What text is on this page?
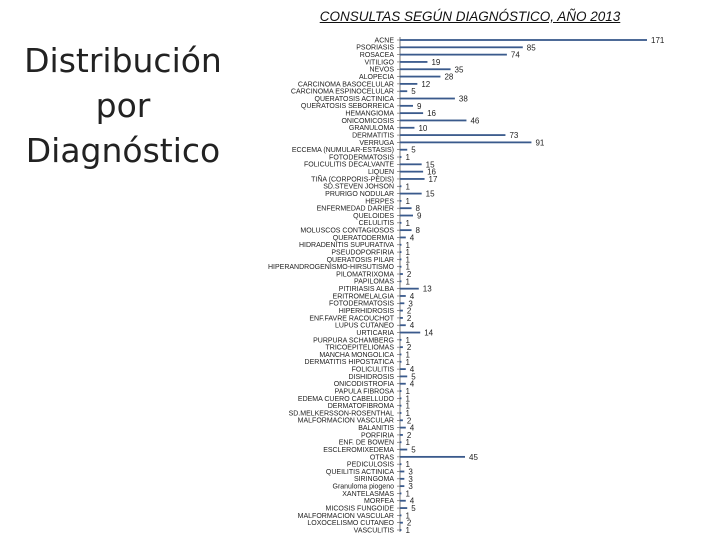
Distribución
por
Diagnóstico
CONSULTAS SEGÚN DIAGNÓSTICO, AÑO 2013
ACNE
PSORIASIS
ROSACEA
VITILIGO
NEVOS
ALOPECIA
CARCINOMA BASOCELULAR
CARCINOMA ESPINOCELULAR
QUERATOSIS ACTINICA
QUERATOSIS SEBORREICA
HEMANGIOMA
ONICOMICOSIS
GRANULOMA
DERMATITIS
VERRUGA
ECCEMA (NUMULAR-ESTASIS)
FOTODERMATOSIS
FOLICULITIS DECALVANTE
LIQUEN
TIÑA (CORPORIS-PEDIS)
SD.STEVEN JOHSON
PRURIGO NODULAR
HERPES
ENFERMEDAD DARIER
QUELOIDES
CELULITIS
MOLUSCOS CONTAGIOSOS
QUERATODERMIA
HIDRADENITIS SUPURATIVA
PSEUDOPORFIRIA
QUERATOSIS PILAR
HIPERANDROGENISMO-HIRSUTISMO
PILOMATRIXOMA
PAPILOMAS
PITIRIASIS ALBA
ERITROMELALGIA
FOTODERMATOSIS
HIPERHIDROSIS
ENF.FAVRE RACOUCHOT
LUPUS CUTANEO
URTICARIA
PURPURA SCHAMBERG
TRICOEPITELIOMAS
MANCHA MONGOLICA
DERMATITIS HIPOSTATICA
FOLICULITIS
DISHIDROSIS
ONICODISTROFIA
PAPULA FIBROSA
EDEMA CUERO CABELLUDO
DERMATOFIBROMA
SD.MELKERSSON-ROSENTHAL
MALFORMACION VASCULAR
BALANITIS
PORFIRIA
ENF. DE BOWEN
ESCLEROMIXEDEMA
OTRAS
PEDICULOSIS
QUEILITIS ACTINICA
SIRINGOMA
Granuloma piogeno
XANTELASMAS
MORFEA
MICOSIS FUNGOIDE
MALFORMACION VASCULAR
LOXOCELISMO CUTANEO
VASCULITIS
171
85
74
19
35
28
12
5
38
9
16
46
10
73
91
5
1
15
16
17
1
15
1
8
9
1
8
4
1
1
1
1
2
1
13
4
3
2
2
4
14
1
2
1
1
4
5
4
1
1
1
1
2
4
2
1
5
45
1
3
3
3
1
4
5
1
2
1
